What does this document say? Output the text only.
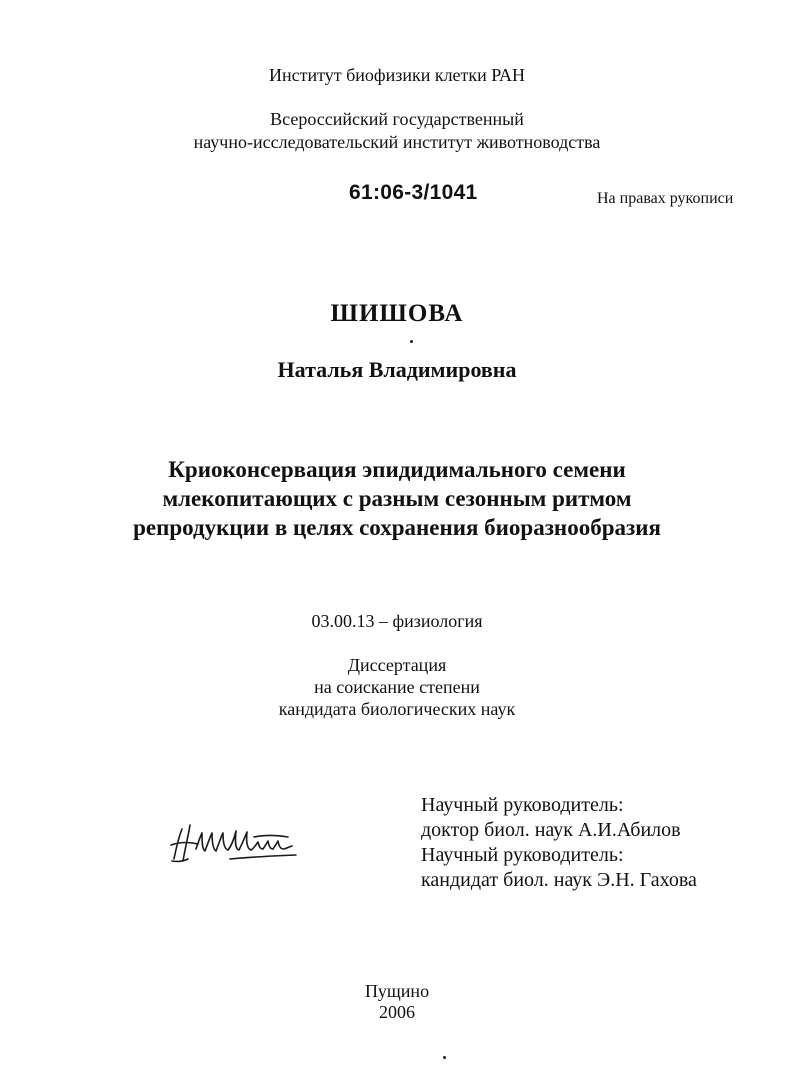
Институт биофизики клетки РАН
Всероссийский государственный
научно-исследовательский институт животноводства
61:06-3/1041	На правах рукописи
ШИШОВА
Наталья Владимировна
Криоконсервация эпидидимального семени
млекопитающих с разным сезонным ритмом
репродукции в целях сохранения биоразнообразия
03.00.13 – физиология
Диссертация
на соискание степени
кандидата биологических наук
Научный руководитель:
доктор биол. наук А.И.Абилов
Научный руководитель:
кандидат биол. наук Э.Н. Гахова
Пущино
2006
